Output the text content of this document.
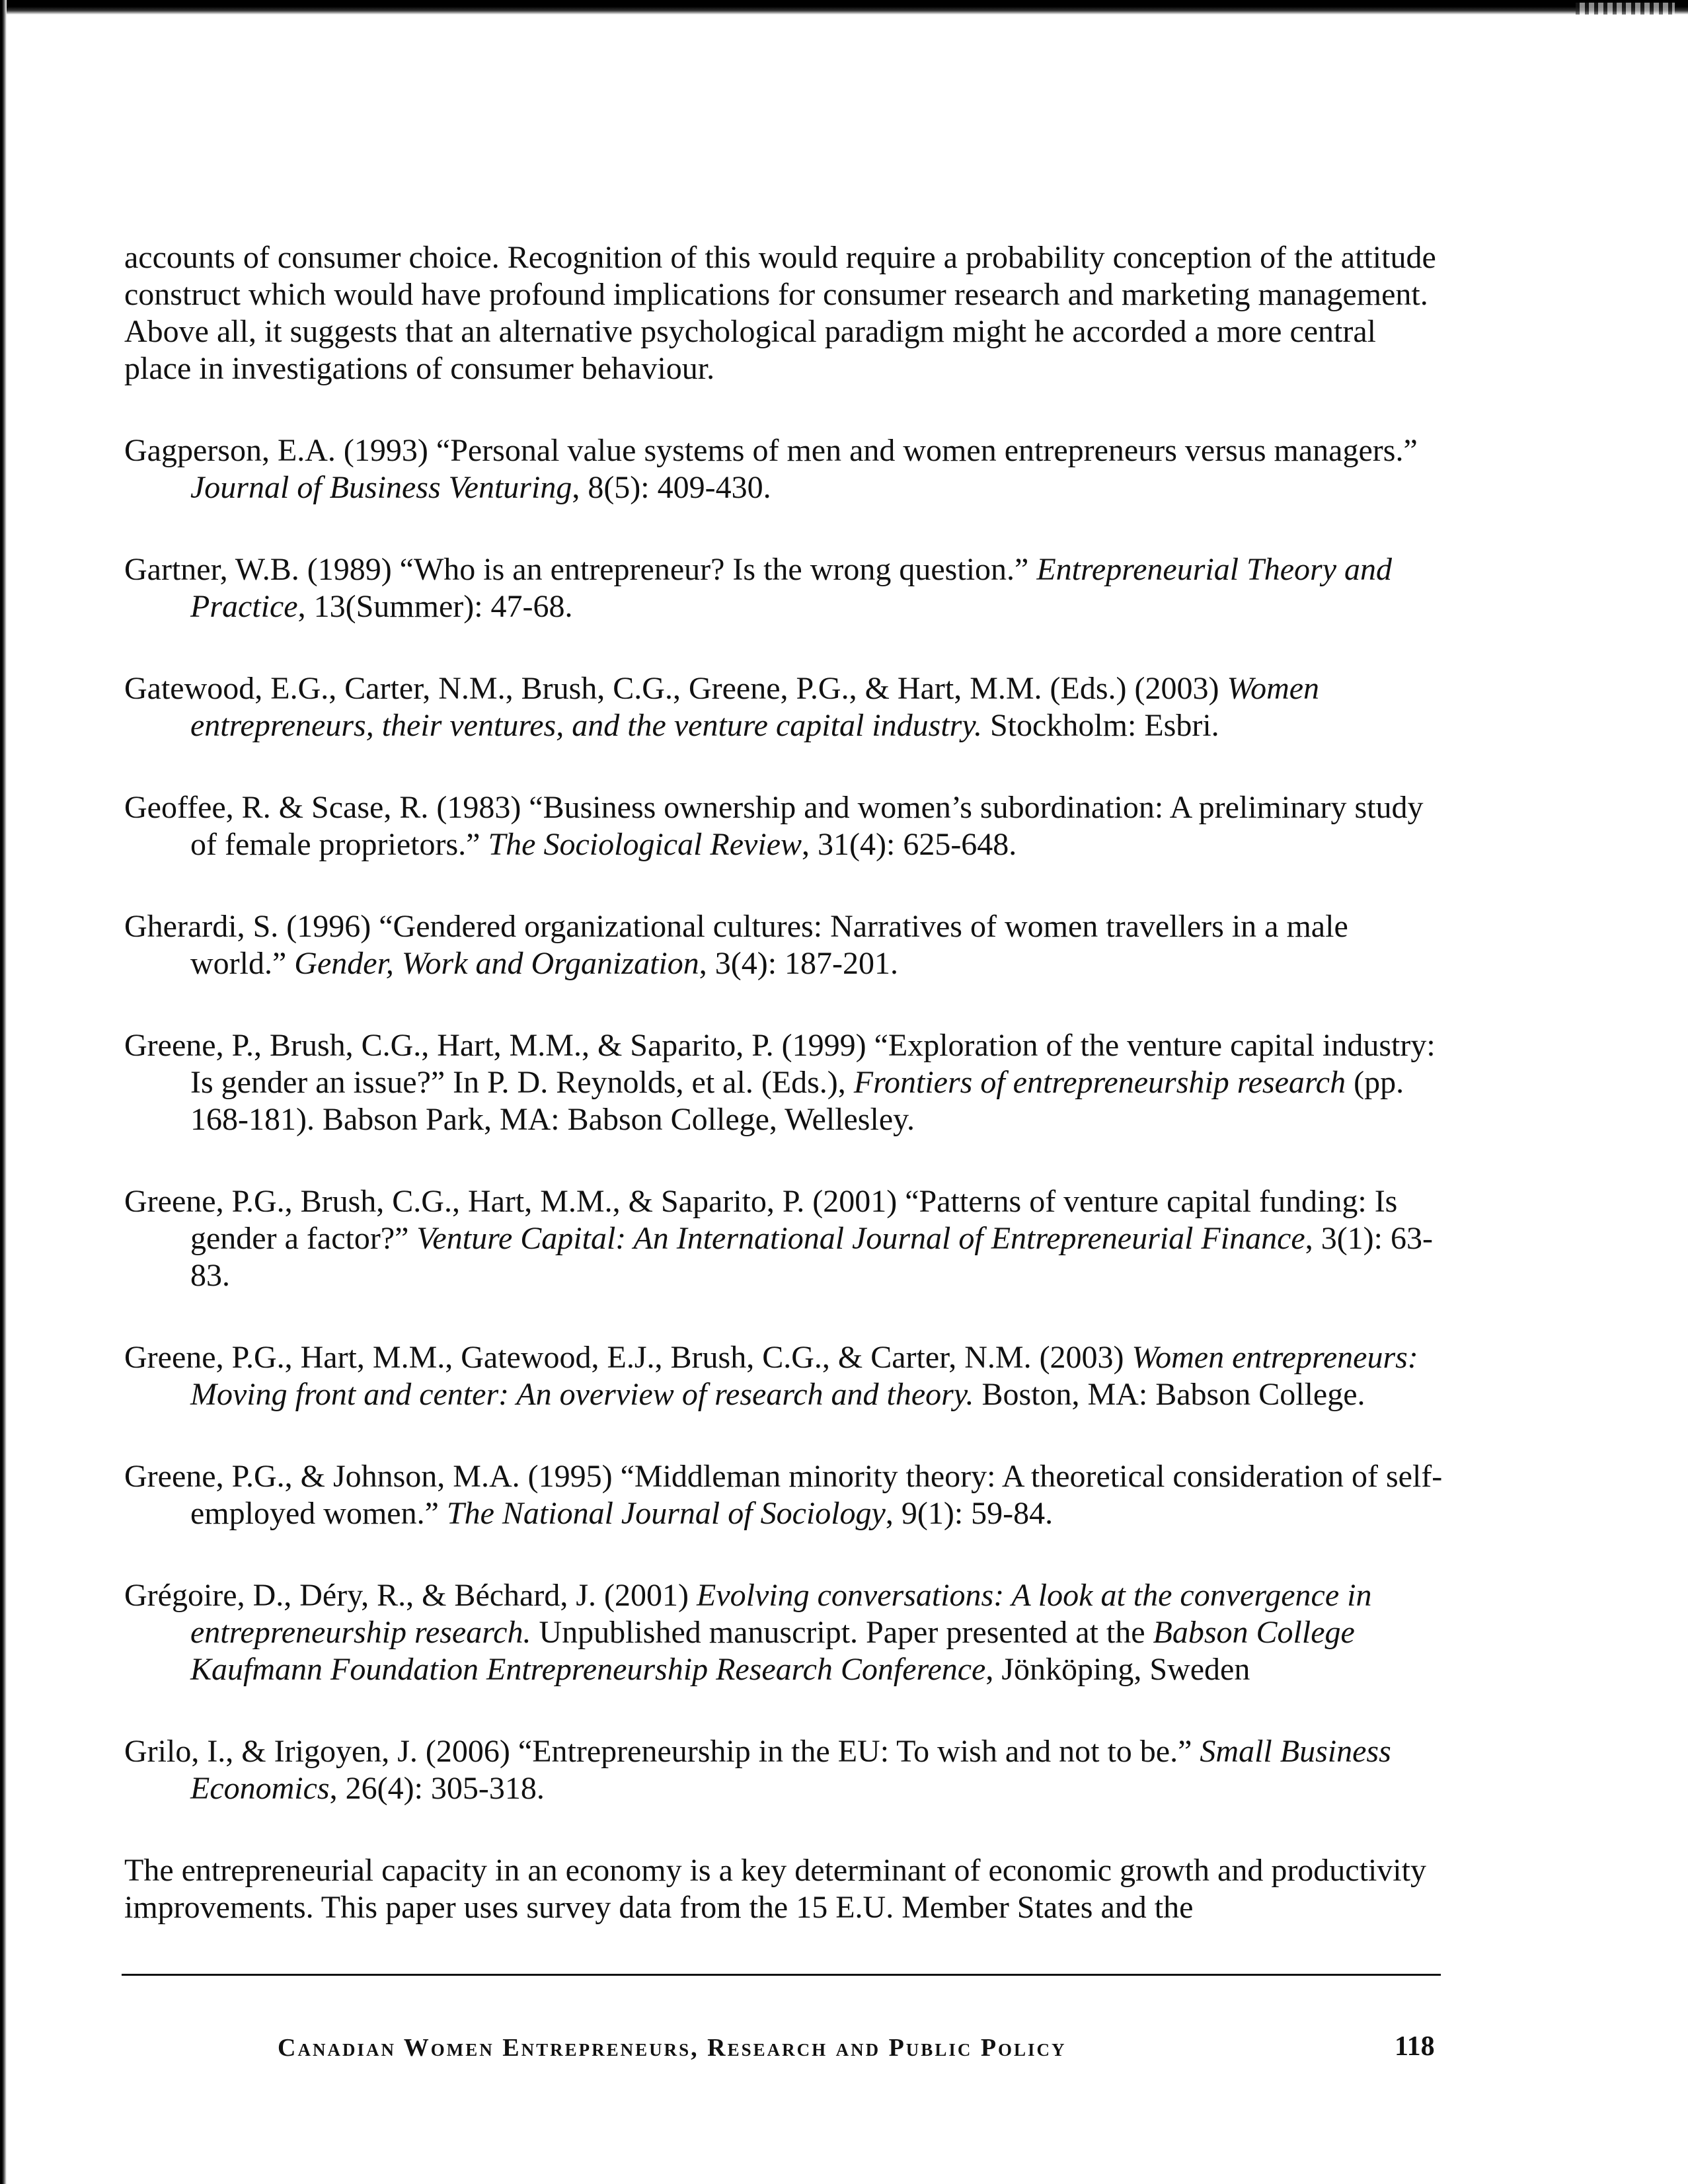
accounts of consumer choice. Recognition of this would require a probability conception of the attitude construct which would have profound implications for consumer research and marketing management. Above all, it suggests that an alternative psychological paradigm might he accorded a more central place in investigations of consumer behaviour.

Gagperson, E.A. (1993) “Personal value systems of men and women entrepreneurs versus managers.” Journal of Business Venturing, 8(5): 409-430.

Gartner, W.B. (1989) “Who is an entrepreneur? Is the wrong question.” Entrepreneurial Theory and Practice, 13(Summer): 47-68.

Gatewood, E.G., Carter, N.M., Brush, C.G., Greene, P.G., & Hart, M.M. (Eds.) (2003) Women entrepreneurs, their ventures, and the venture capital industry. Stockholm: Esbri.

Geoffee, R. & Scase, R. (1983) “Business ownership and women’s subordination: A preliminary study of female proprietors.” The Sociological Review, 31(4): 625-648.

Gherardi, S. (1996) “Gendered organizational cultures: Narratives of women travellers in a male world.” Gender, Work and Organization, 3(4): 187-201.

Greene, P., Brush, C.G., Hart, M.M., & Saparito, P. (1999) “Exploration of the venture capital industry: Is gender an issue?” In P. D. Reynolds, et al. (Eds.), Frontiers of entrepreneurship research (pp. 168-181). Babson Park, MA: Babson College, Wellesley.

Greene, P.G., Brush, C.G., Hart, M.M., & Saparito, P. (2001) “Patterns of venture capital funding: Is gender a factor?” Venture Capital: An International Journal of Entrepreneurial Finance, 3(1): 63-83.

Greene, P.G., Hart, M.M., Gatewood, E.J., Brush, C.G., & Carter, N.M. (2003) Women entrepreneurs: Moving front and center: An overview of research and theory. Boston, MA: Babson College.

Greene, P.G., & Johnson, M.A. (1995) “Middleman minority theory: A theoretical consideration of self-employed women.” The National Journal of Sociology, 9(1): 59-84.

Grégoire, D., Déry, R., & Béchard, J. (2001) Evolving conversations: A look at the convergence in entrepreneurship research. Unpublished manuscript. Paper presented at the Babson College Kaufmann Foundation Entrepreneurship Research Conference, Jönköping, Sweden

Grilo, I., & Irigoyen, J. (2006) “Entrepreneurship in the EU: To wish and not to be.” Small Business Economics, 26(4): 305-318.

The entrepreneurial capacity in an economy is a key determinant of economic growth and productivity improvements. This paper uses survey data from the 15 E.U. Member States and the

Canadian Women Entrepreneurs, Research and Public Policy	118
